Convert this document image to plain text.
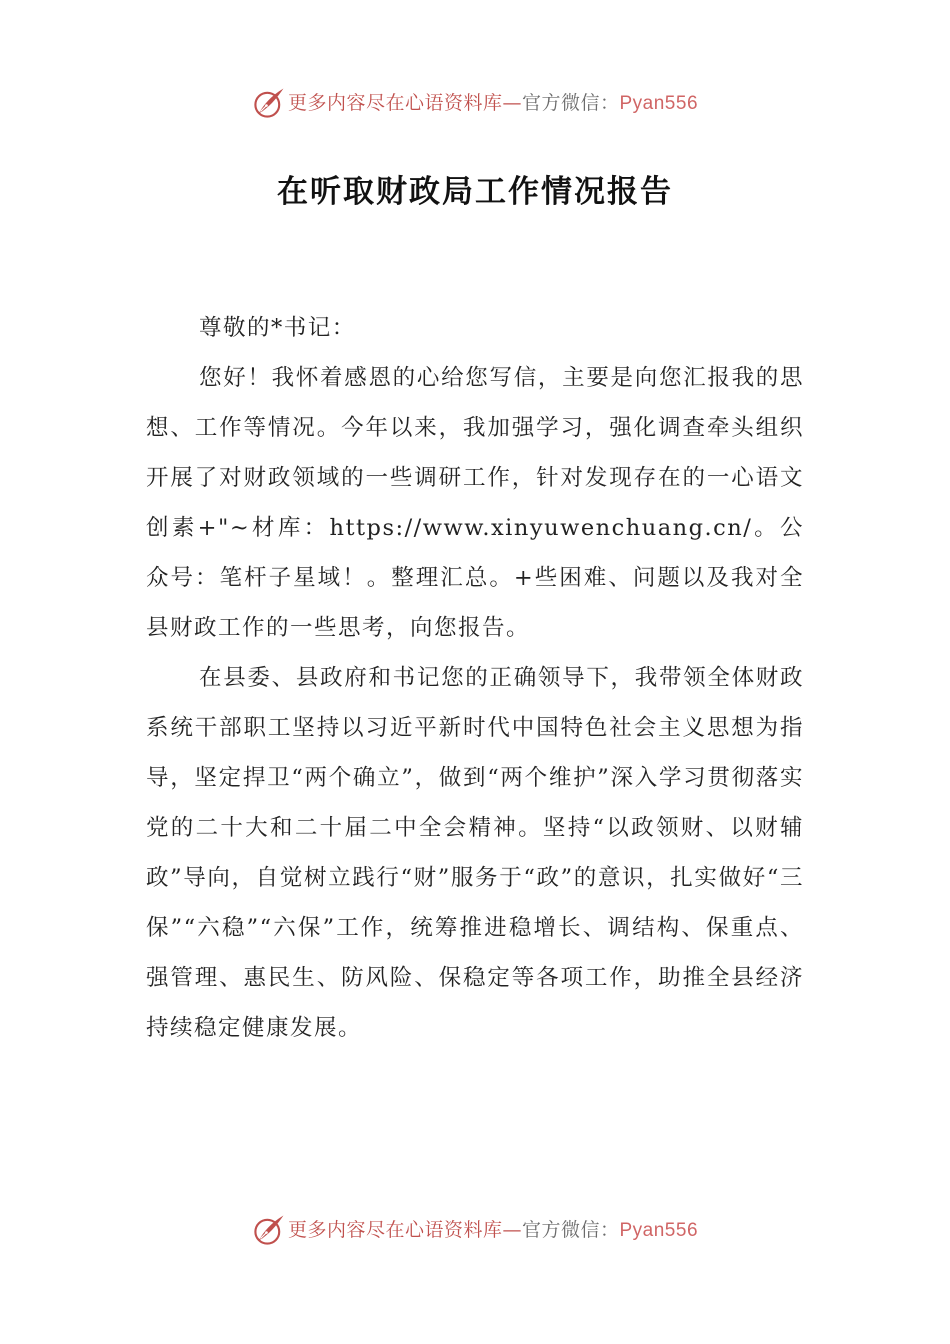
更多内容尽在心语资料库—官方微信：Pyan556
在听取财政局工作情况报告

尊敬的*书记：

您好！我怀着感恩的心给您写信，主要是向您汇报我的思想、工作等情况。今年以来，我加强学习，强化调查牵头组织开展了对财政领域的一些调研工作，针对发现存在的一心语文创素+"~材库：https://www.xinyuwenchuang.cn/。公众号：笔杆子星域！。整理汇总。+些困难、问题以及我对全县财政工作的一些思考，向您报告。

在县委、县政府和书记您的正确领导下，我带领全体财政系统干部职工坚持以习近平新时代中国特色社会主义思想为指导，坚定捍卫“两个确立”，做到“两个维护”深入学习贯彻落实党的二十大和二十届二中全会精神。坚持“以政领财、以财辅政”导向，自觉树立践行“财”服务于“政”的意识，扎实做好“三保”“六稳”“六保”工作，统筹推进稳增长、调结构、保重点、强管理、惠民生、防风险、保稳定等各项工作，助推全县经济持续稳定健康发展。

更多内容尽在心语资料库—官方微信：Pyan556
